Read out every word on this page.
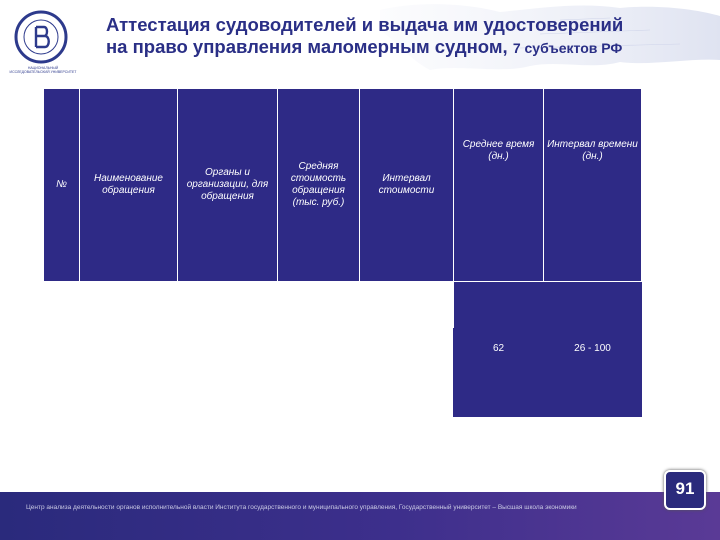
НАЦИОНАЛЬНЫЙ ИССЛЕДОВАТЕЛЬСКИЙ УНИВЕРСИТЕТ
Аттестация судоводителей и выдача им удостоверений
на право управления маломерным судном, 7 субъектов РФ
№	Наименование обращения	Органы и организации, для обращения	Средняя стоимость обращения (тыс. руб.)	Интервал стоимости	Среднее время (дн.)	Интервал времени (дн.)
0	Обучение	Частная организация	6,2	4,87 - 7,1	62	26 - 100
1	Аттестации судоводителе й и выдаче удостоверения на право управления маломерным судном с мотором	Управление ГИМС	0,57	0,5 - 0,58		
Центр анализа деятельности органов исполнительной власти Института государственного и муниципального управления, Государственный университет – Высшая школа экономики
91
